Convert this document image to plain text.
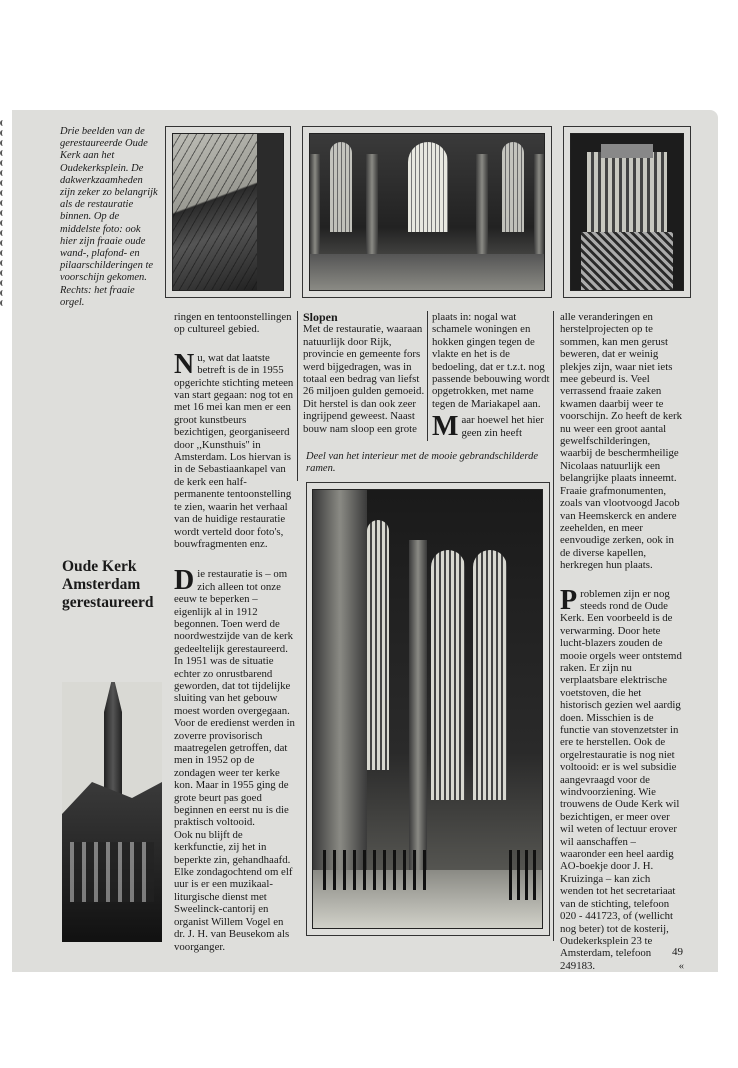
Drie beelden van de gerestaureerde Oude Kerk aan het Oudekerksplein. De dakwerkzaamheden zijn zeker zo belangrijk als de restauratie binnen. Op de middelste foto: ook hier zijn fraaie oude wand-, plafond- en pilaarschilderingen te voorschijn gekomen. Rechts: het fraaie orgel.

ringen en tentoonstellingen op cultureel gebied.

Nu, wat dat laatste betreft is de in 1955 opgerichte stichting meteen van start gegaan: nog tot en met 16 mei kan men er een groot kunstbeurs bezichtigen, georganiseerd door ,,Kunsthuis'' in Amsterdam. Los hiervan is in de Sebastiaankapel van de kerk een half-permanente tentoonstelling te zien, waarin het verhaal van de huidige restauratie wordt verteld door foto's, bouwfragmenten enz.

Die restauratie is – om zich alleen tot onze eeuw te beperken – eigenlijk al in 1912 begonnen. Toen werd de noordwestzijde van de kerk gedeeltelijk gerestaureerd. In 1951 was de situatie echter zo onrustbarend geworden, dat tot tijdelijke sluiting van het gebouw moest worden overgegaan. Voor de eredienst werden in zoverre provisorisch maatregelen getroffen, dat men in 1952 op de zondagen weer ter kerke kon. Maar in 1955 ging de grote beurt pas goed beginnen en eerst nu is die praktisch voltooid.

Ook nu blijft de kerkfunctie, zij het in beperkte zin, gehandhaafd. Elke zondagochtend om elf uur is er een muzikaal-liturgische dienst met Sweelinck-cantorij en organist Willem Vogel en dr. J. H. van Beusekom als voorganger.

Oude Kerk Amsterdam gerestaureerd
Slopen

Met de restauratie, waaraan natuurlijk door Rijk, provincie en gemeente fors werd bijgedragen, was in totaal een bedrag van liefst 26 miljoen gulden gemoeid. Dit herstel is dan ook zeer ingrijpend geweest. Naast bouw nam sloop een grote

plaats in: nogal wat schamele woningen en hokken gingen tegen de vlakte en het is de bedoeling, dat er t.z.t. nog passende bebouwing wordt opgetrokken, met name tegen de Mariakapel aan.

Maar hoewel het hier geen zin heeft

Deel van het interieur met de mooie gebrandschilderde ramen.

alle veranderingen en herstelprojecten op te sommen, kan men gerust beweren, dat er weinig plekjes zijn, waar niet iets mee gebeurd is. Veel verrassend fraaie zaken kwamen daarbij weer te voorschijn. Zo heeft de kerk nu weer een groot aantal gewelfschilderingen, waarbij de beschermheilige Nicolaas natuurlijk een belangrijke plaats inneemt. Fraaie grafmonumenten, zoals van vlootvoogd Jacob van Heemskerck en andere zeehelden, en meer eenvoudige zerken, ook in de diverse kapellen, herkregen hun plaats.

Problemen zijn er nog steeds rond de Oude Kerk. Een voorbeeld is de verwarming. Door hete lucht-blazers zouden de mooie orgels weer ontstemd raken. Er zijn nu verplaatsbare elektrische voetstoven, die het historisch gezien wel aardig doen. Misschien is de functie van stovenzetster in ere te herstellen. Ook de orgelrestauratie is nog niet voltooid: er is wel subsidie aangevraagd voor de windvoorziening. Wie trouwens de Oude Kerk wil bezichtigen, er meer over wil weten of lectuur erover wil aanschaffen – waaronder een heel aardig AO-boekje door J. H. Kruizinga – kan zich wenden tot het secretariaat van de stichting, telefoon 020 - 441723, of (wellicht nog beter) tot de kosterij, Oudekerksplein 23 te Amsterdam, telefoon 249183.	«

49
